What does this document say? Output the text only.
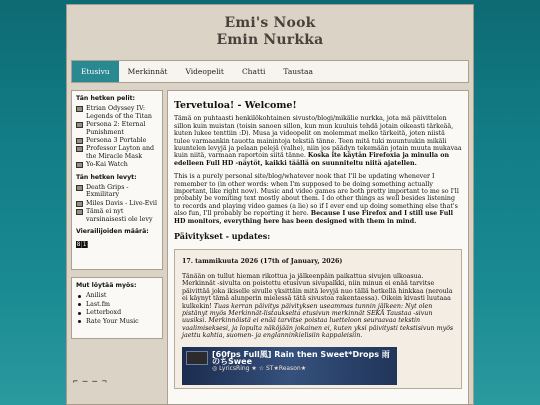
Emi's Nook
Emin Nurkka
Etusivu	Merkinnät	Videopelit	Chatti	Taustaa
Tän hetken pelit:
Etrian Odyssey IV: Legends of the Titan
Persona 2: Eternal Punishment
Persona 3 Portable
Professor Layton and the Miracle Mask
Yo-Kai Watch
Tän hetken levyt:
Death Grips - Exmilitary
Miles Davis - Live-Evil
Tämä ei nyt varsinaisesti ole levy
Vierailijoiden määrä:
8 1
Mut löytää myös:
Anilist
Last.fm
Letterboxd
Rate Your Music
⌐ ─ ─ ¬
Tervetuloa! - Welcome!

Tämä on puhtaasti henkilökohtainen sivusto/blogi/mikälie nurkka, jota mä päivittelen sillon kuin muistan (toisin sanoen sillon, kun mun kuuluis tehdä jotain oikeasti tärkeää, kuten lukee tenttiin :D). Musa ja videopelit on molemmat melko tärkeitä, joten niistä tulee varmaankin tauotta mainintoja tekstiä tänne. Teen mitä tuki muuntuukin mikäli kuuntelen levyjä ja pelaan pelejä (valhe), niin jos päädyn tekemään jotain muuta mukavaa kuin niitä, varmaan raportoin siitä tänne. Koska ite käytän Firefoxia ja minulla on edelleen Full HD -näytöt, kaikki täällä on suunniteltu niitä ajatellen.

This is a purely personal site/blog/whatever nook that I'll be updating whenever I remember to (in other words: when I'm supposed to be doing something actually important, like right now). Music and video games are both pretty important to me so I'll probably be vomiting text mostly about them. I do other things as well besides listening to records and playing video games (a lie) so if I ever end up doing something else that's also fun, I'll probably be reporting it here. Because I use Firefox and I still use Full HD monitors, everything here has been designed with them in mind.

Päivitykset - updates:
17. tammikuuta 2026 (17th of January, 2026)

Tänään on tullut hieman rikottua ja jälkeenpäin paikattua sivujen ulkoasua. Merkinnät -sivulta on poistettu etusivun sivupalkki, niin minun ei enää tarvitse päivittää joka ikiselle sivulle yksittäin mitä levyjä nuo tällä hetkellä hinkkaa (neroula ei käynyt tämä alunperin mielessä tätä sivustoa rakentaessa). Oikein kivasti luutaaa kulkekin! Tuas kerran päivitys päivityksen useammas tunnin jälkeen: Nyt olen pistänyt myös Merkinnät-listaukselta etusivun merkinnät SEKÄ Taustaa -sivun uusiksi. Merkinnöistä ei enää tarvitse poistaa luetteloon seuraavaa tekstin vaalimiseksesi, ja lopulta näköjään jokainen ei, kuten yksi päivitysti tekstisivun myös jaettu kahtia, suomen- ja englanninkielisiin kappaleisiin.

[60fps Full風] Rain then Sweet*Drops 雨のちSwee
◎ LyricsRing ★ ☆ ST★Reason★
